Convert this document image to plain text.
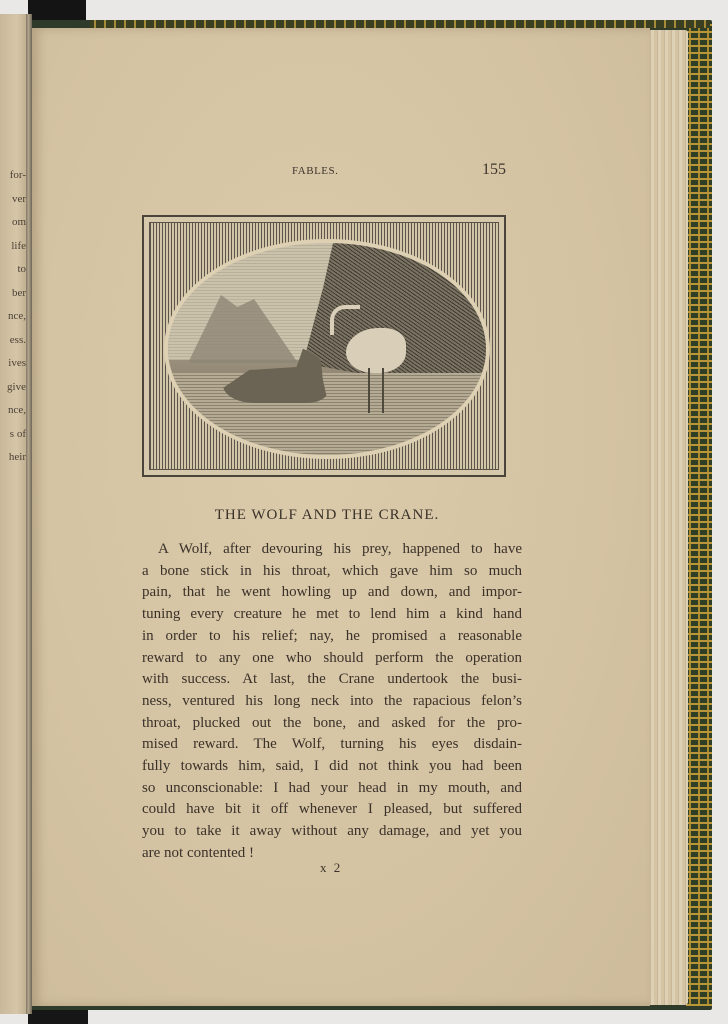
for-
ver
om
life
to
ber
nce,
ess.
ives
give
nce,
s of
heir
FABLES.	155
THE WOLF AND THE CRANE.
A Wolf, after devouring his prey, happened to have
a bone stick in his throat, which gave him so much
pain, that he went howling up and down, and impor-
tuning every creature he met to lend him a kind hand
in order to his relief; nay, he promised a reasonable
reward to any one who should perform the operation
with success. At last, the Crane undertook the busi-
ness, ventured his long neck into the rapacious felon’s
throat, plucked out the bone, and asked for the pro-
mised reward. The Wolf, turning his eyes disdain-
fully towards him, said, I did not think you had been
so unconscionable: I had your head in my mouth, and
could have bit it off whenever I pleased, but suffered
you to take it away without any damage, and yet you
are not contented !
x 2
